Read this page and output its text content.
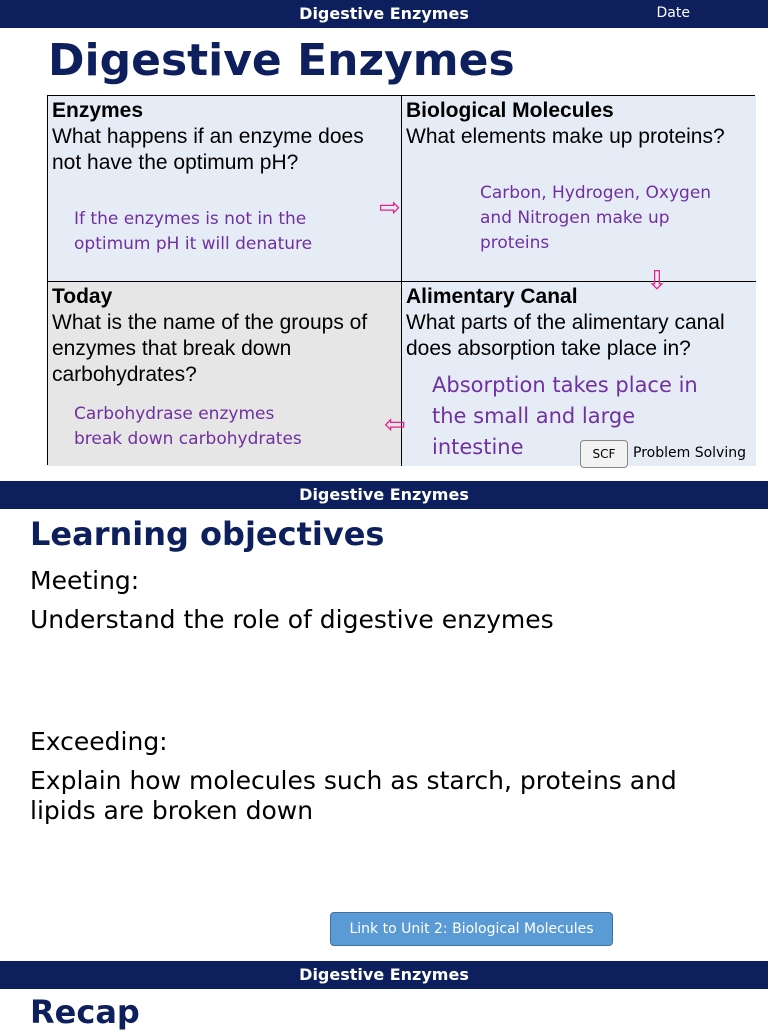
Digestive Enzymes	Date
Digestive Enzymes
Enzymes
What happens if an enzyme does not have the optimum pH?
If the enzymes is not in the optimum pH it will denature
Biological Molecules
What elements make up proteins?
Carbon, Hydrogen, Oxygen and Nitrogen make up proteins
Today
What is the name of the groups of enzymes that break down carbohydrates?
Carbohydrase enzymes break down carbohydrates
Alimentary Canal
What parts of the alimentary canal does absorption take place in?
Absorption takes place in the small and large intestine
⇨
⇩
⇦
SCF	Problem Solving
Digestive Enzymes
Learning objectives
Meeting:
Understand the role of digestive enzymes
Exceeding:
Explain how molecules such as starch, proteins and lipids are broken down
Link to Unit 2: Biological Molecules
Digestive Enzymes
Recap
